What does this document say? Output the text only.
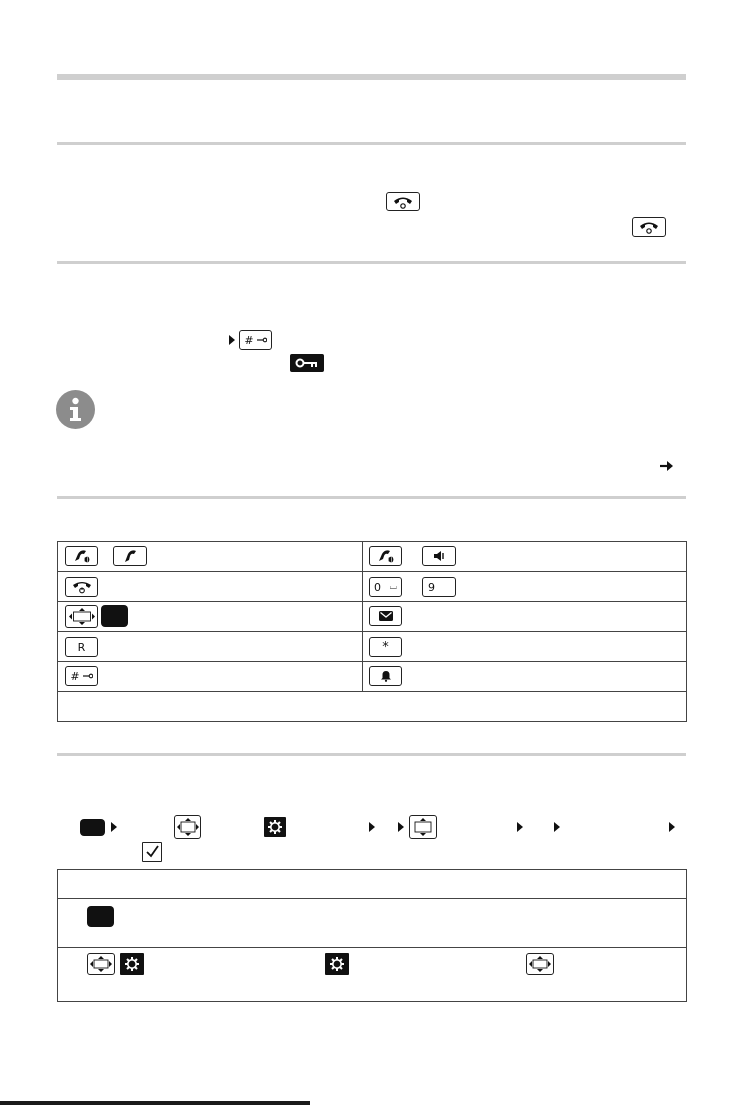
#
0 ⌴	9
R	*
#
